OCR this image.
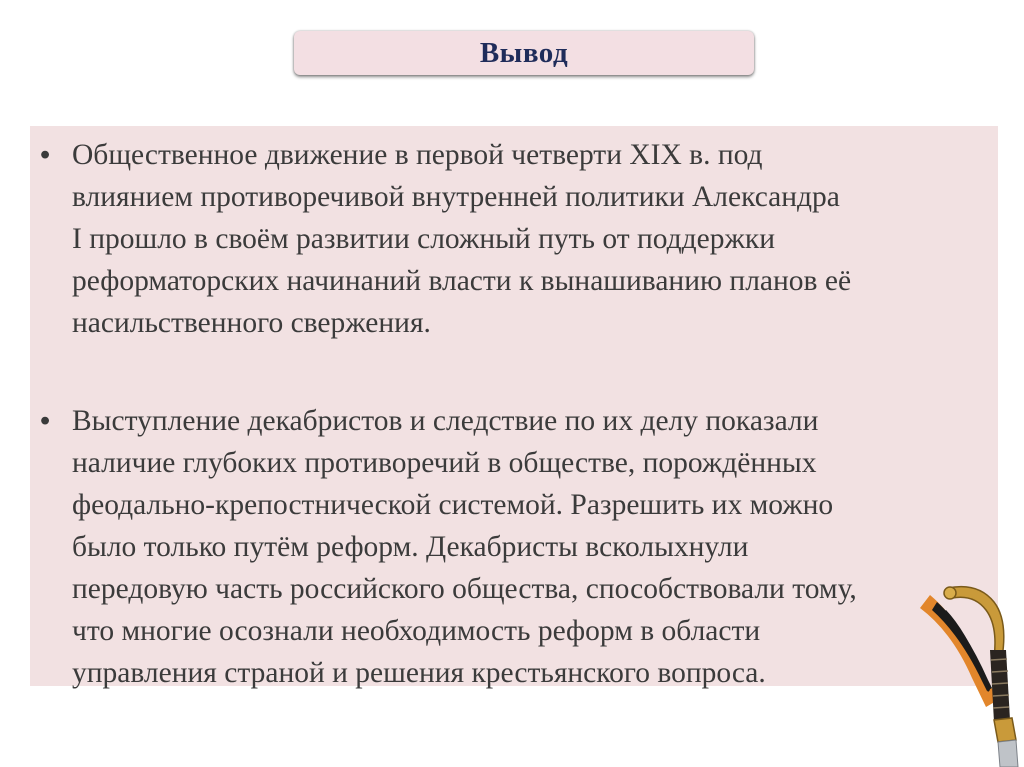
Вывод
• Общественное движение в первой четверти XIX в. под
влиянием противоречивой внутренней политики Александра
I прошло в своём развитии сложный путь от поддержки
реформаторских начинаний власти к вынашиванию планов её
насильственного свержения.
• Выступление декабристов и следствие по их делу показали
наличие глубоких противоречий в обществе, порождённых
феодально-крепостнической системой. Разрешить их можно
было только путём реформ. Декабристы всколыхнули
передовую часть российского общества, способствовали тому,
что многие осознали необходимость реформ в области
управления страной и решения крестьянского вопроса.
